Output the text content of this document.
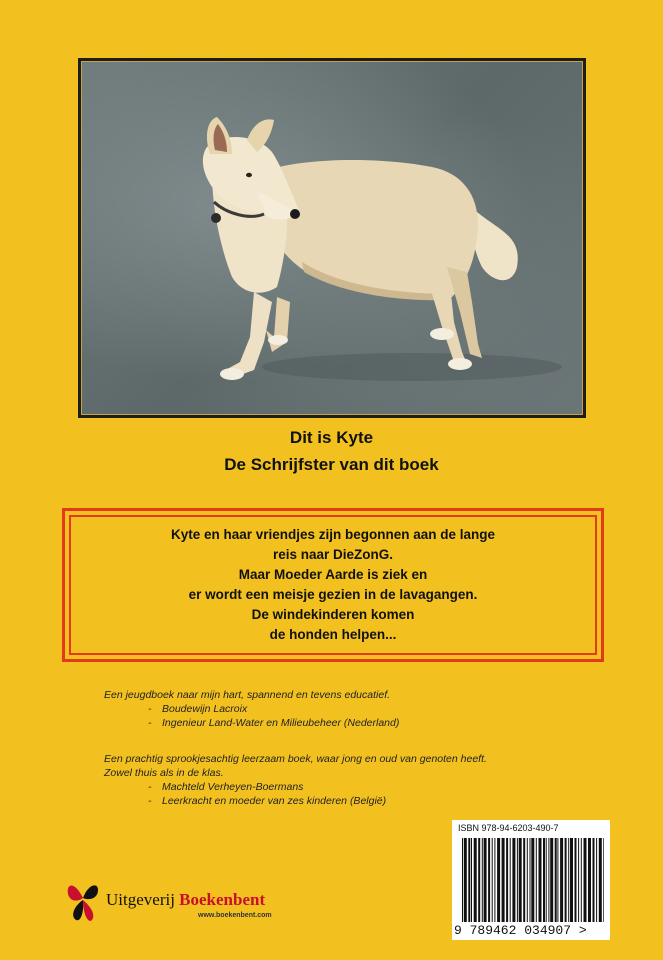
Dit is Kyte
De Schrijfster van dit boek
Kyte en haar vriendjes zijn begonnen aan de lange
reis naar DieZonG.
Maar Moeder Aarde is ziek en
er wordt een meisje gezien in de lavagangen.
De windekinderen komen
de honden helpen...
Een jeugdboek naar mijn hart, spannend en tevens educatief.
- Boudewijn Lacroix
- Ingenieur Land-Water en Milieubeheer (Nederland)
Een prachtig sprookjesachtig leerzaam boek, waar jong en oud van genoten heeft.
Zowel thuis als in de klas.
- Machteld Verheyen-Boermans
- Leerkracht en moeder van zes kinderen (België)
ISBN 978-94-6203-490-7
9 789462 034907 >
Uitgeverij Boekenbent
www.boekenbent.com
